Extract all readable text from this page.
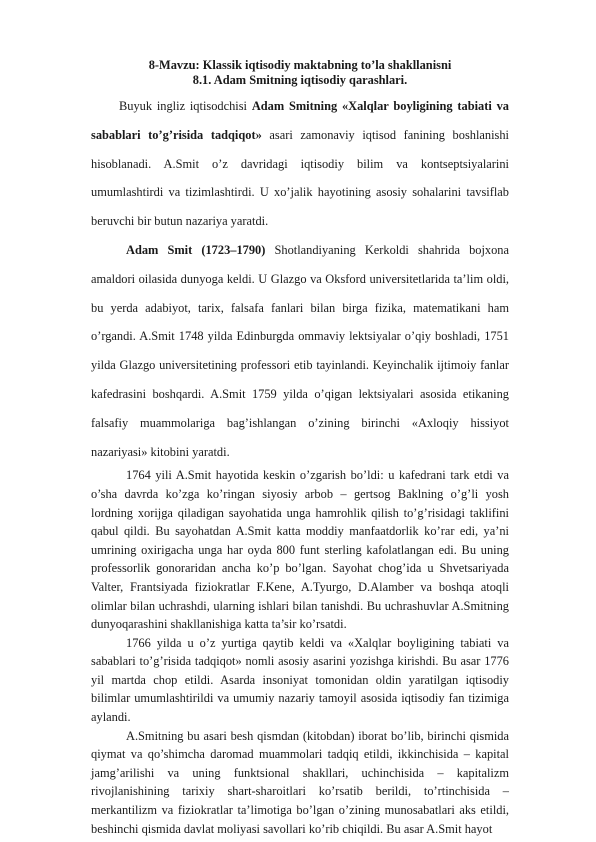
8-Mavzu: Klassik iqtisodiy maktabning to’la shakllanisni
8.1. Adam Smitning iqtisodiy qarashlari.

Buyuk ingliz iqtisodchisi Adam Smitning «Xalqlar boyligining tabiati va sabablari to’g’risida tadqiqot» asari zamonaviy iqtisod fanining boshlanishi hisoblanadi. A.Smit o’z davridagi iqtisodiy bilim va kontseptsiyalarini umumlashtirdi va tizimlashtirdi. U xo’jalik hayotining asosiy sohalarini tavsiflab beruvchi bir butun nazariya yaratdi.

Adam Smit (1723–1790) Shotlandiyaning Kerkoldi shahrida bojxona amaldori oilasida dunyoga keldi. U Glazgo va Oksford universitetlarida ta’lim oldi, bu yerda adabiyot, tarix, falsafa fanlari bilan birga fizika, matematikani ham o’rgandi. A.Smit 1748 yilda Edinburgda ommaviy lektsiyalar o’qiy boshladi, 1751 yilda Glazgo universitetining professori etib tayinlandi. Keyinchalik ijtimoiy fanlar kafedrasini boshqardi. A.Smit 1759 yilda o’qigan lektsiyalari asosida etikaning falsafiy muammolariga bag’ishlangan o’zining birinchi «Axloqiy hissiyot nazariyasi» kitobini yaratdi.

1764 yili A.Smit hayotida keskin o’zgarish bo’ldi: u kafedrani tark etdi va o’sha davrda ko’zga ko’ringan siyosiy arbob – gertsog Baklning o’g’li yosh lordning xorijga qiladigan sayohatida unga hamrohlik qilish to’g’risidagi taklifini qabul qildi. Bu sayohatdan A.Smit katta moddiy manfaatdorlik ko’rar edi, ya’ni umrining oxirigacha unga har oyda 800 funt sterling kafolatlangan edi. Bu uning professorlik gonoraridan ancha ko’p bo’lgan. Sayohat chog’ida u Shvetsariyada Valter, Frantsiyada fiziokratlar F.Kene, A.Tyurgo, D.Alamber va boshqa atoqli olimlar bilan uchrashdi, ularning ishlari bilan tanishdi. Bu uchrashuvlar A.Smitning dunyoqarashini shakllanishiga katta ta’sir ko’rsatdi.

1766 yilda u o’z yurtiga qaytib keldi va «Xalqlar boyligining tabiati va sabablari to’g’risida tadqiqot» nomli asosiy asarini yozishga kirishdi. Bu asar 1776 yil martda chop etildi. Asarda insoniyat tomonidan oldin yaratilgan iqtisodiy bilimlar umumlashtirildi va umumiy nazariy tamoyil asosida iqtisodiy fan tizimiga aylandi.

A.Smitning bu asari besh qismdan (kitobdan) iborat bo’lib, birinchi qismida qiymat va qo’shimcha daromad muammolari tadqiq etildi, ikkinchisida – kapital jamg’arilishi va uning funktsional shakllari, uchinchisida – kapitalizm rivojlanishining tarixiy shart-sharoitlari ko’rsatib berildi, to’rtinchisida – merkantilizm va fiziokratlar ta’limotiga bo’lgan o’zining munosabatlari aks etildi, beshinchi qismida davlat moliyasi savollari ko’rib chiqildi. Bu asar A.Smit hayot
